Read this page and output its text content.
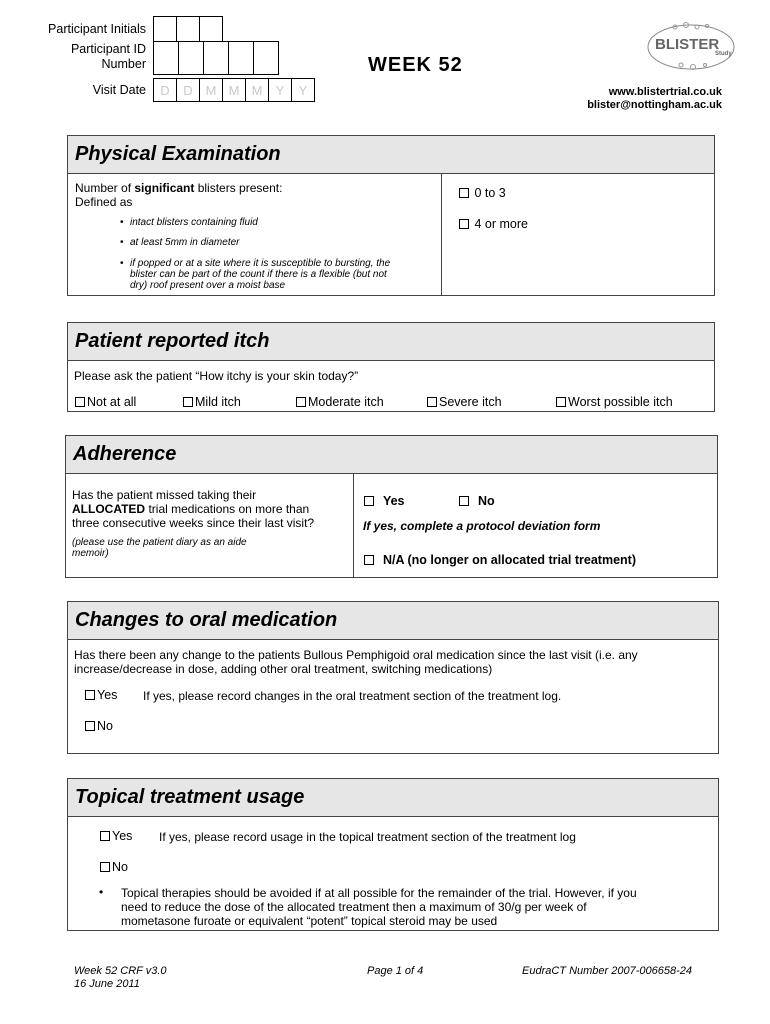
Participant Initials
Participant ID
Number
Visit Date	D	D M M M	Y	Y
WEEK 52
BLISTER
Study
www.blistertrial.co.uk
blister@nottingham.ac.uk
Physical Examination
Number of significant blisters present:
Defined as
• intact blisters containing fluid
• at least 5mm in diameter
• if popped or at a site where it is susceptible to bursting, the
blister can be part of the count if there is a flexible (but not
dry) roof present over a moist base
0 to 3
4 or more
Patient reported itch
Please ask the patient “How itchy is your skin today?”
Not at all	Mild itch	Moderate itch	Severe itch	Worst possible itch
Adherence
Has the patient missed taking their
ALLOCATED trial medications on more than
three consecutive weeks since their last visit?
(please use the patient diary as an aide
memoir)
Yes	No
If yes, complete a protocol deviation form
N/A (no longer on allocated trial treatment)
Changes to oral medication
Has there been any change to the patients Bullous Pemphigoid oral medication since the last visit (i.e. any
increase/decrease in dose, adding other oral treatment, switching medications)
Yes If yes, please record changes in the oral treatment section of the treatment log.
No
Topical treatment usage
Yes If yes, please record usage in the topical treatment section of the treatment log
No
• Topical therapies should be avoided if at all possible for the remainder of the trial. However, if you
need to reduce the dose of the allocated treatment then a maximum of 30/g per week of
mometasone furoate or equivalent “potent” topical steroid may be used
Week 52 CRF v3.0
16 June 2011
Page 1 of 4	EudraCT Number 2007-006658-24
